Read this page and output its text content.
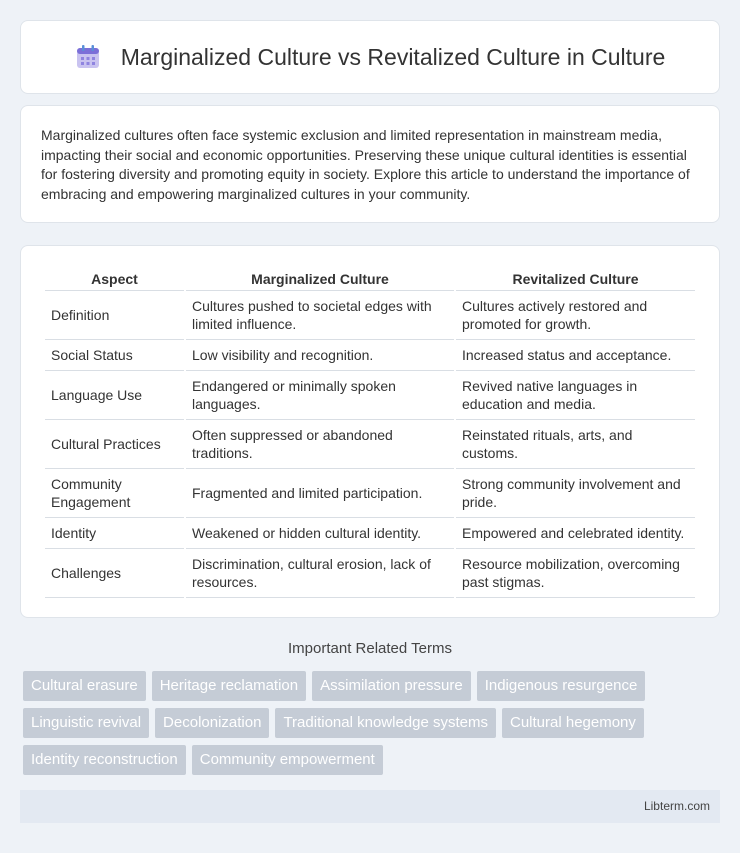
Marginalized Culture vs Revitalized Culture in Culture

Marginalized cultures often face systemic exclusion and limited representation in mainstream media, impacting their social and economic opportunities. Preserving these unique cultural identities is essential for fostering diversity and promoting equity in society. Explore this article to understand the importance of embracing and empowering marginalized cultures in your community.

Aspect	Marginalized Culture	Revitalized Culture
Definition	Cultures pushed to societal edges with limited influence.	Cultures actively restored and promoted for growth.
Social Status	Low visibility and recognition.	Increased status and acceptance.
Language Use	Endangered or minimally spoken languages.	Revived native languages in education and media.
Cultural Practices	Often suppressed or abandoned traditions.	Reinstated rituals, arts, and customs.
Community Engagement	Fragmented and limited participation.	Strong community involvement and pride.
Identity	Weakened or hidden cultural identity.	Empowered and celebrated identity.
Challenges	Discrimination, cultural erosion, lack of resources.	Resource mobilization, overcoming past stigmas.
Important Related Terms
Cultural erasure	Heritage reclamation	Assimilation pressure	Indigenous resurgence
Linguistic revival	Decolonization	Traditional knowledge systems	Cultural hegemony
Identity reconstruction	Community empowerment
Libterm.com
